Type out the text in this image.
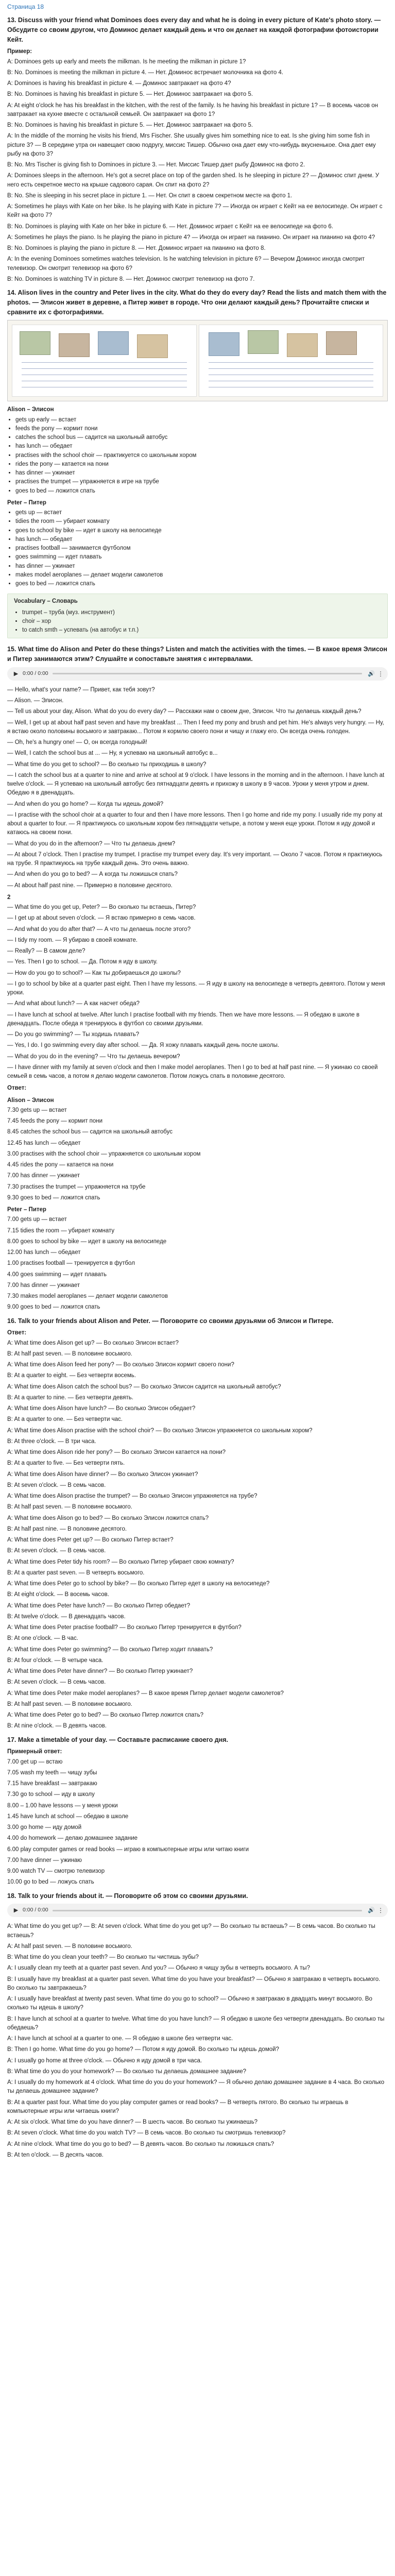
Страница 18
13. Discuss with your friend what Dominoes does every day and what he is doing in every picture of Kate's photo story. — Обсудите со своим другом, что Доминос делает каждый день и что он делает на каждой фотографии фотоистории Кейт.
Пример:

A: Dominoes gets up early and meets the milkman. Is he meeting the milkman in picture 1?

B: No. Dominoes is meeting the milkman in picture 4. — Нет. Доминос встречает молочника на фото 4.

A: Dominoes is having his breakfast in picture 4. — Доминос завтракает на фото 4?

B: No. Dominoes is having his breakfast in picture 5. — Нет. Доминос завтракает на фото 5.

A: At eight o'clock he has his breakfast in the kitchen, with the rest of the family. Is he having his breakfast in picture 1? — В восемь часов он завтракает на кухне вместе с остальной семьей. Он завтракает на фото 1?

B: No. Dominoes is having his breakfast in picture 5. — Нет. Доминос завтракает на фото 5.

A: In the middle of the morning he visits his friend, Mrs Fischer. She usually gives him something nice to eat. Is she giving him some fish in picture 3? — В середине утра он навещает свою подругу, миссис Тишер. Обычно она дает ему что-нибудь вкусненькое. Она дает ему рыбу на фото 3?

B: No. Mrs Tischer is giving fish to Dominoes in picture 3. — Нет. Миссис Тишер дает рыбу Доминос на фото 2.

A: Dominoes sleeps in the afternoon. He's got a secret place on top of the garden shed. Is he sleeping in picture 2? — Доминос спит днем. У него есть секретное место на крыше садового сарая. Он спит на фото 2?

B: No. She is sleeping in his secret place in picture 1. — Нет. Он спит в своем секретном месте на фото 1.

A: Sometimes he plays with Kate on her bike. Is he playing with Kate in picture 7? — Иногда он играет с Кейт на ее велосипеде. Он играет с Кейт на фото 7?

B: No. Dominoes is playing with Kate on her bike in picture 6. — Нет. Доминос играет с Кейт на ее велосипеде на фото 6.

A: Sometimes he plays the piano. Is he playing the piano in picture 4? — Иногда он играет на пианино. Он играет на пианино на фото 4?

B: No. Dominoes is playing the piano in picture 8. — Нет. Доминос играет на пианино на фото 8.

A: In the evening Dominoes sometimes watches television. Is he watching television in picture 6? — Вечером Доминос иногда смотрит телевизор. Он смотрит телевизор на фото 6?

B: No. Dominoes is watching TV in picture 8. — Нет. Доминос смотрит телевизор на фото 7.

14. Alison lives in the country and Peter lives in the city. What do they do every day? Read the lists and match them with the photos. — Элисон живет в деревне, а Питер живет в городе. Что они делают каждый день? Прочитайте списки и сравните их с фотографиями.
Alison – Элисон
• gets up early — встает
• feeds the pony — кормит пони
• catches the school bus — садится на школьный автобус
• has lunch — обедает
• practises with the school choir — практикуется со школьным хором
• rides the pony — катается на пони
• has dinner — ужинает
• practises the trumpet — упражняется в игре на трубе
• goes to bed — ложится спать
Peter – Питер
• gets up — встает
• tidies the room — убирает комнату
• goes to school by bike — идет в школу на велосипеде
• has lunch — обедает
• practises football — занимается футболом
• goes swimming — идет плавать
• has dinner — ужинает
• makes model aeroplanes — делает модели самолетов
• goes to bed — ложится спать
Vocabulary – Словарь
• trumpet – труба (муз. инструмент)
• choir – хор
• to catch smth – успевать (на автобус и т.п.)
15. What time do Alison and Peter do these things? Listen and match the activities with the times. — В какое время Элисон и Питер занимаются этим? Слушайте и сопоставьте занятия с интервалами.
▶ 0:00 / 0:00	🔊 ⋮

— Hello, what's your name? — Привет, как тебя зовут?

— Alison. — Элисон.

— Tell us about your day, Alison. What do you do every day? — Расскажи нам о своем дне, Элисон. Что ты делаешь каждый день?

— Well, I get up at about half past seven and have my breakfast ... Then I feed my pony and brush and pet him. He's always very hungry. — Ну, я встаю около половины восьмого и завтракаю... Потом я кормлю своего пони и чищу и глажу его. Он всегда очень голоден.

— Oh, he's a hungry one! — О, он всегда голодный!

— Well, I catch the school bus at ... — Ну, я успеваю на школьный автобус в...

— What time do you get to school? — Во сколько ты приходишь в школу?

— I catch the school bus at a quarter to nine and arrive at school at 9 o'clock. I have lessons in the morning and in the afternoon. I have lunch at twelve o'clock. — Я успеваю на школьный автобус без пятнадцати девять и прихожу в школу в 9 часов. Уроки у меня утром и днем. Обедаю я в двенадцать.

— And when do you go home? — Когда ты идешь домой?

— I practise with the school choir at a quarter to four and then I have more lessons. Then I go home and ride my pony. I usually ride my pony at about a quarter to four. — Я практикуюсь со школьным хором без пятнадцати четыре, а потом у меня еще уроки. Потом я иду домой и катаюсь на своем пони.

— What do you do in the afternoon? — Что ты делаешь днем?

— At about 7 o'clock. Then I practise my trumpet. I practise my trumpet every day. It's very important. — Около 7 часов. Потом я практикуюсь на трубе. Я практикуюсь на трубе каждый день. Это очень важно.

— And when do you go to bed? — А когда ты ложишься спать?

— At about half past nine. — Примерно в половине десятого.

2

— What time do you get up, Peter? — Во сколько ты встаешь, Питер?

— I get up at about seven o'clock. — Я встаю примерно в семь часов.

— And what do you do after that? — А что ты делаешь после этого?

— I tidy my room. — Я убираю в своей комнате.

— Really? — В самом деле?

— Yes. Then I go to school. — Да. Потом я иду в школу.

— How do you go to school? — Как ты добираешься до школы?

— I go to school by bike at a quarter past eight. Then I have my lessons. — Я иду в школу на велосипеде в четверть девятого. Потом у меня уроки.

— And what about lunch? — А как насчет обеда?

— I have lunch at school at twelve. After lunch I practise football with my friends. Then we have more lessons. — Я обедаю в школе в двенадцать. После обеда я тренируюсь в футбол со своими друзьями.

— Do you go swimming? — Ты ходишь плавать?

— Yes, I do. I go swimming every day after school. — Да. Я хожу плавать каждый день после школы.

— What do you do in the evening? — Что ты делаешь вечером?

— I have dinner with my family at seven o'clock and then I make model aeroplanes. Then I go to bed at half past nine. — Я ужинаю со своей семьей в семь часов, а потом я делаю модели самолетов. Потом ложусь спать в половине десятого.

Ответ:
Alison – Элисон

7.30 gets up — встает

7.45 feeds the pony — кормит пони

8.45 catches the school bus — садится на школьный автобус

12.45 has lunch — обедает

3.00 practises with the school choir — упражняется со школьным хором

4.45 rides the pony — катается на пони

7.00 has dinner — ужинает

7.30 practises the trumpet — упражняется на трубе

9.30 goes to bed — ложится спать

Peter – Питер

7.00 gets up — встает

7.15 tidies the room — убирает комнату

8.00 goes to school by bike — идет в школу на велосипеде

12.00 has lunch — обедает

1.00 practises football — тренируется в футбол

4.00 goes swimming — идет плавать

7.00 has dinner — ужинает

7.30 makes model aeroplanes — делает модели самолетов

9.00 goes to bed — ложится спать

16. Talk to your friends about Alison and Peter. — Поговорите со своими друзьями об Элисон и Питере.
Ответ:

A: What time does Alison get up? — Во сколько Элисон встает?

B: At half past seven. — В половине восьмого.

A: What time does Alison feed her pony? — Во сколько Элисон кормит своего пони?

B: At a quarter to eight. — Без четверти восемь.

A: What time does Alison catch the school bus? — Во сколько Элисон садится на школьный автобус?

B: At a quarter to nine. — Без четверти девять.

A: What time does Alison have lunch? — Во сколько Элисон обедает?

B: At a quarter to one. — Без четверти час.

A: What time does Alison practise with the school choir? — Во сколько Элисон упражняется со школьным хором?

B: At three o'clock. — В три часа.

A: What time does Alison ride her pony? — Во сколько Элисон катается на пони?

B: At a quarter to five. — Без четверти пять.

A: What time does Alison have dinner? — Во сколько Элисон ужинает?

B: At seven o'clock. — В семь часов.

A: What time does Alison practise the trumpet? — Во сколько Элисон упражняется на трубе?

B: At half past seven. — В половине восьмого.

A: What time does Alison go to bed? — Во сколько Элисон ложится спать?

B: At half past nine. — В половине десятого.

A: What time does Peter get up? — Во сколько Питер встает?

B: At seven o'clock. — В семь часов.

A: What time does Peter tidy his room? — Во сколько Питер убирает свою комнату?

B: At a quarter past seven. — В четверть восьмого.

A: What time does Peter go to school by bike? — Во сколько Питер едет в школу на велосипеде?

B: At eight o'clock. — В восемь часов.

A: What time does Peter have lunch? — Во сколько Питер обедает?

B: At twelve o'clock. — В двенадцать часов.

A: What time does Peter practise football? — Во сколько Питер тренируется в футбол?

B: At one o'clock. — В час.

A: What time does Peter go swimming? — Во сколько Питер ходит плавать?

B: At four o'clock. — В четыре часа.

A: What time does Peter have dinner? — Во сколько Питер ужинает?

B: At seven o'clock. — В семь часов.

A: What time does Peter make model aeroplanes? — В какое время Питер делает модели самолетов?

B: At half past seven. — В половине восьмого.

A: What time does Peter go to bed? — Во сколько Питер ложится спать?

B: At nine o'clock. — В девять часов.

17. Make a timetable of your day. — Составьте расписание своего дня.
Примерный ответ:

7.00 get up — встаю

7.05 wash my teeth — чищу зубы

7.15 have breakfast — завтракаю

7.30 go to school — иду в школу

8.00 – 1.00 have lessons — у меня уроки

1.45 have lunch at school — обедаю в школе

3.00 go home — иду домой

4.00 do homework — делаю домашнее задание

6.00 play computer games or read books — играю в компьютерные игры или читаю книги

7.00 have dinner — ужинаю

9.00 watch TV — смотрю телевизор

10.00 go to bed — ложусь спать

18. Talk to your friends about it. — Поговорите об этом со своими друзьями.
▶ 0:00 / 0:00	🔊 ⋮

A: What time do you get up? — B: At seven o'clock. What time do you get up? — Во сколько ты встаешь? — В семь часов. Во сколько ты встаешь?

A: At half past seven. — В половине восьмого.

B: What time do you clean your teeth? — Во сколько ты чистишь зубы?

A: I usually clean my teeth at a quarter past seven. And you? — Обычно я чищу зубы в четверть восьмого. А ты?

B: I usually have my breakfast at a quarter past seven. What time do you have your breakfast? — Обычно я завтракаю в четверть восьмого. Во сколько ты завтракаешь?

A: I usually have breakfast at twenty past seven. What time do you go to school? — Обычно я завтракаю в двадцать минут восьмого. Во сколько ты идешь в школу?

B: I have lunch at school at a quarter to twelve. What time do you have lunch? — Я обедаю в школе без четверти двенадцать. Во сколько ты обедаешь?

A: I have lunch at school at a quarter to one. — Я обедаю в школе без четверти час.

B: Then I go home. What time do you go home? — Потом я иду домой. Во сколько ты идешь домой?

A: I usually go home at three o'clock. — Обычно я иду домой в три часа.

B: What time do you do your homework? — Во сколько ты делаешь домашнее задание?

A: I usually do my homework at 4 o'clock. What time do you do your homework? — Я обычно делаю домашнее задание в 4 часа. Во сколько ты делаешь домашнее задание?

B: At a quarter past four. What time do you play computer games or read books? — В четверть пятого. Во сколько ты играешь в компьютерные игры или читаешь книги?

A: At six o'clock. What time do you have dinner? — В шесть часов. Во сколько ты ужинаешь?

B: At seven o'clock. What time do you watch TV? — В семь часов. Во сколько ты смотришь телевизор?

A: At nine o'clock. What time do you go to bed? — В девять часов. Во сколько ты ложишься спать?

B: At ten o'clock. — В десять часов.
